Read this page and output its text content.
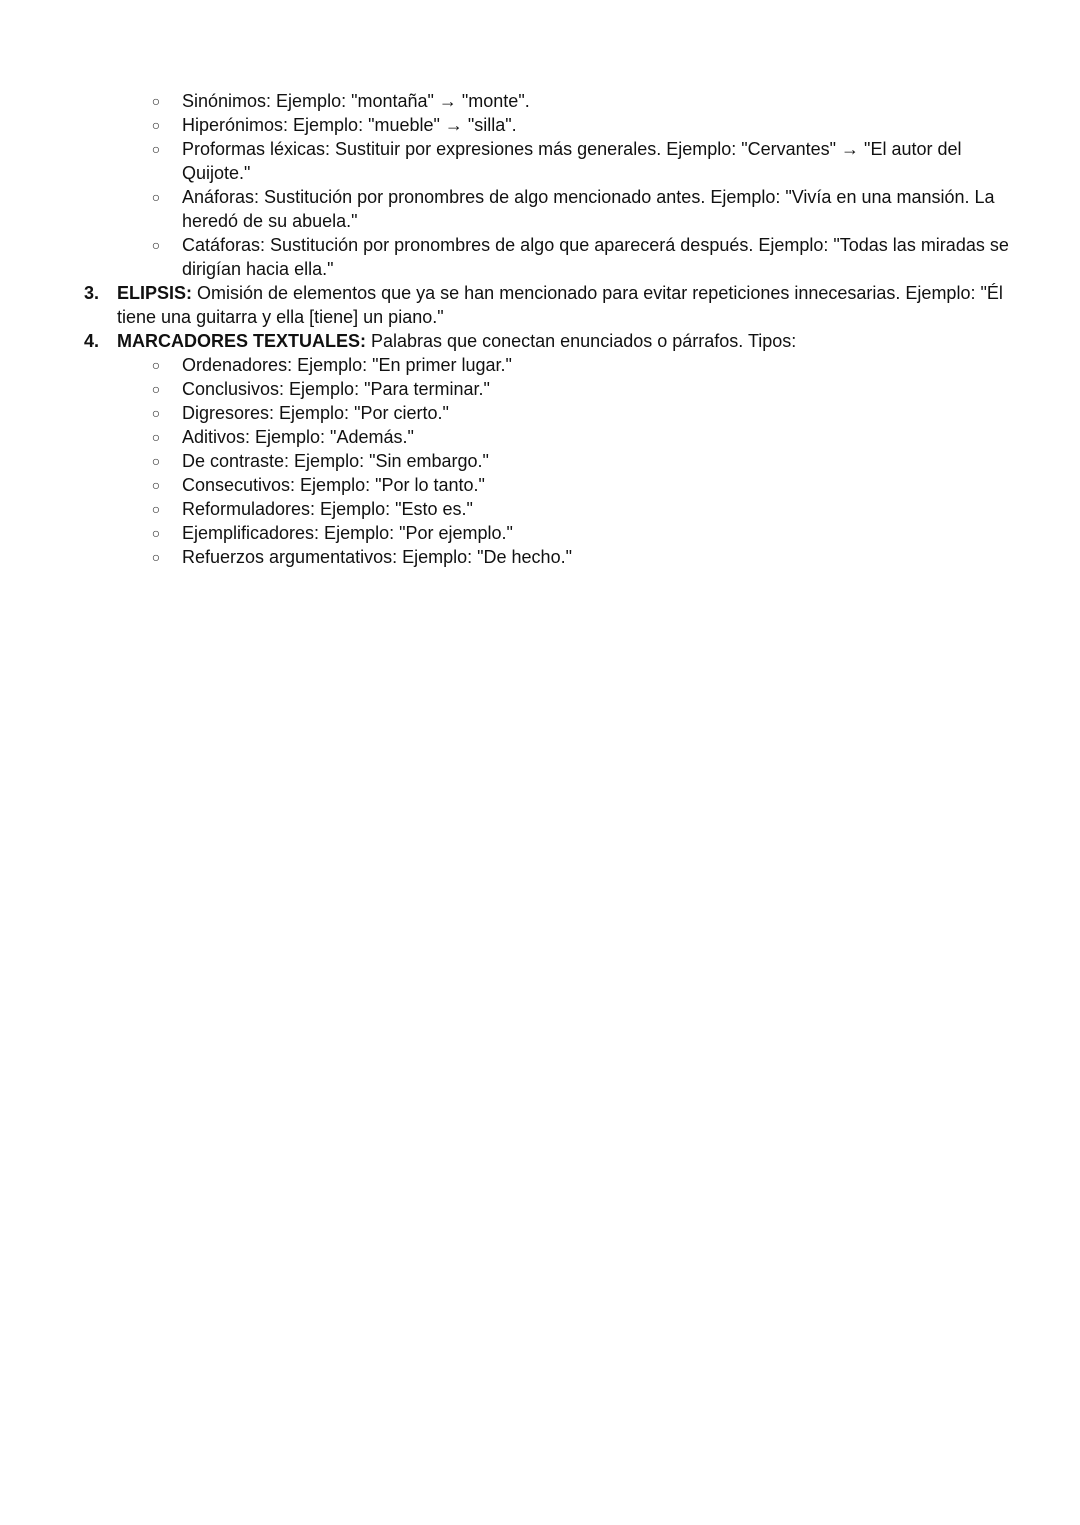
○ Sinónimos: Ejemplo: "montaña" → "monte".
○ Hiperónimos: Ejemplo: "mueble" → "silla".
○ Proformas léxicas: Sustituir por expresiones más generales. Ejemplo: "Cervantes" → "El autor del
Quijote."
○ Anáforas: Sustitución por pronombres de algo mencionado antes. Ejemplo: "Vivía en una mansión. La
heredó de su abuela."
○ Catáforas: Sustitución por pronombres de algo que aparecerá después. Ejemplo: "Todas las miradas se
dirigían hacia ella."
3. ELIPSIS: Omisión de elementos que ya se han mencionado para evitar repeticiones innecesarias. Ejemplo: "Él
tiene una guitarra y ella [tiene] un piano."
4. MARCADORES TEXTUALES: Palabras que conectan enunciados o párrafos. Tipos:
○ Ordenadores: Ejemplo: "En primer lugar."
○ Conclusivos: Ejemplo: "Para terminar."
○ Digresores: Ejemplo: "Por cierto."
○ Aditivos: Ejemplo: "Además."
○ De contraste: Ejemplo: "Sin embargo."
○ Consecutivos: Ejemplo: "Por lo tanto."
○ Reformuladores: Ejemplo: "Esto es."
○ Ejemplificadores: Ejemplo: "Por ejemplo."
○ Refuerzos argumentativos: Ejemplo: "De hecho."
